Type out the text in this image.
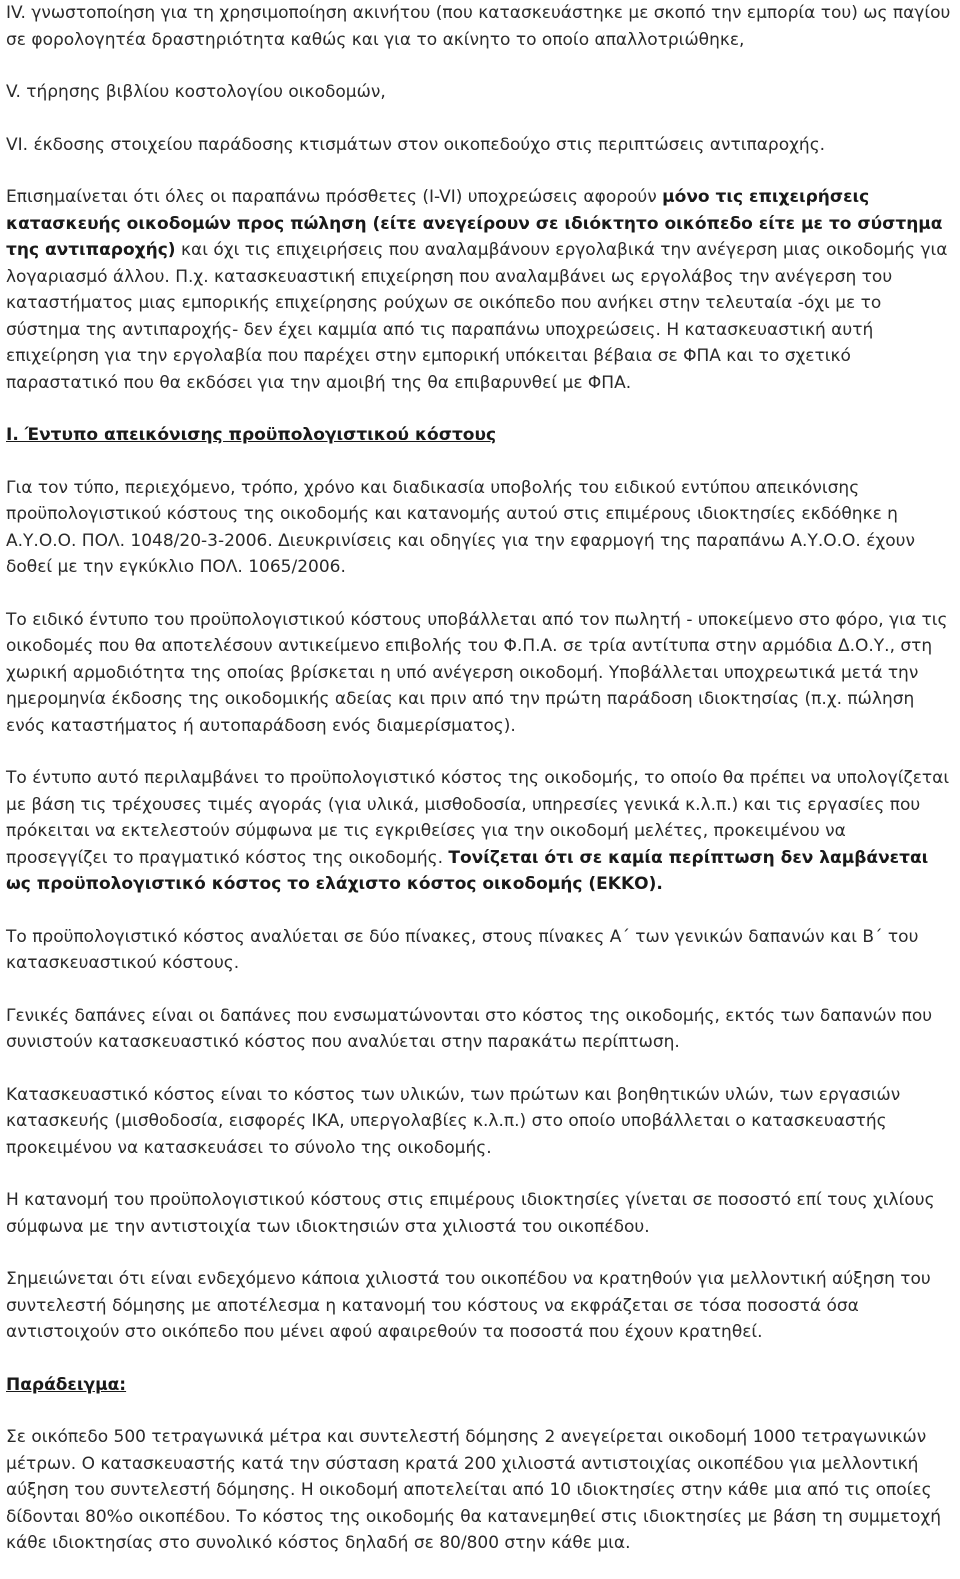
IV. γνωστοποίηση για τη χρησιμοποίηση ακινήτου (που κατασκευάστηκε με σκοπό την εμπορία του) ως παγίου σε φορολογητέα δραστηριότητα καθώς και για το ακίνητο το οποίο απαλλοτριώθηκε,

V. τήρησης βιβλίου κοστολογίου οικοδομών,

VI. έκδοσης στοιχείου παράδοσης κτισμάτων στον οικοπεδούχο στις περιπτώσεις αντιπαροχής.

Επισημαίνεται ότι όλες οι παραπάνω πρόσθετες (I-VI) υποχρεώσεις αφορούν μόνο τις επιχειρήσεις κατασκευής οικοδομών προς πώληση (είτε ανεγείρουν σε ιδιόκτητο οικόπεδο είτε με το σύστημα της αντιπαροχής) και όχι τις επιχειρήσεις που αναλαμβάνουν εργολαβικά την ανέγερση μιας οικοδομής για λογαριασμό άλλου. Π.χ. κατασκευαστική επιχείρηση που αναλαμβάνει ως εργολάβος την ανέγερση του καταστήματος μιας εμπορικής επιχείρησης ρούχων σε οικόπεδο που ανήκει στην τελευταία -όχι με το σύστημα της αντιπαροχής- δεν έχει καμμία από τις παραπάνω υποχρεώσεις. Η κατασκευαστική αυτή επιχείρηση για την εργολαβία που παρέχει στην εμπορική υπόκειται βέβαια σε ΦΠΑ και το σχετικό παραστατικό που θα εκδόσει για την αμοιβή της θα επιβαρυνθεί με ΦΠΑ.

I. Έντυπο απεικόνισης προϋπολογιστικού κόστους

Για τον τύπο, περιεχόμενο, τρόπο, χρόνο και διαδικασία υποβολής του ειδικού εντύπου απεικόνισης προϋπολογιστικού κόστους της οικοδομής και κατανομής αυτού στις επιμέρους ιδιοκτησίες εκδόθηκε η Α.Υ.Ο.Ο. ΠΟΛ. 1048/20-3-2006. Διευκρινίσεις και οδηγίες για την εφαρμογή της παραπάνω Α.Υ.Ο.Ο. έχουν δοθεί με την εγκύκλιο ΠΟΛ. 1065/2006.

Το ειδικό έντυπο του προϋπολογιστικού κόστους υποβάλλεται από τον πωλητή - υποκείμενο στο φόρο, για τις οικοδομές που θα αποτελέσουν αντικείμενο επιβολής του Φ.Π.Α. σε τρία αντίτυπα στην αρμόδια Δ.Ο.Υ., στη χωρική αρμοδιότητα της οποίας βρίσκεται η υπό ανέγερση οικοδομή. Υποβάλλεται υποχρεωτικά μετά την ημερομηνία έκδοσης της οικοδομικής αδείας και πριν από την πρώτη παράδοση ιδιοκτησίας (π.χ. πώληση ενός καταστήματος ή αυτοπαράδοση ενός διαμερίσματος).

Το έντυπο αυτό περιλαμβάνει το προϋπολογιστικό κόστος της οικοδομής, το οποίο θα πρέπει να υπολογίζεται με βάση τις τρέχουσες τιμές αγοράς (για υλικά, μισθοδοσία, υπηρεσίες γενικά κ.λ.π.) και τις εργασίες που πρόκειται να εκτελεστούν σύμφωνα με τις εγκριθείσες για την οικοδομή μελέτες, προκειμένου να προσεγγίζει το πραγματικό κόστος της οικοδομής. Τονίζεται ότι σε καμία περίπτωση δεν λαμβάνεται ως προϋπολογιστικό κόστος το ελάχιστο κόστος οικοδομής (ΕΚΚΟ).

Το προϋπολογιστικό κόστος αναλύεται σε δύο πίνακες, στους πίνακες Α΄ των γενικών δαπανών και Β΄ του κατασκευαστικού κόστους.

Γενικές δαπάνες είναι οι δαπάνες που ενσωματώνονται στο κόστος της οικοδομής, εκτός των δαπανών που συνιστούν κατασκευαστικό κόστος που αναλύεται στην παρακάτω περίπτωση.

Κατασκευαστικό κόστος είναι το κόστος των υλικών, των πρώτων και βοηθητικών υλών, των εργασιών κατασκευής (μισθοδοσία, εισφορές ΙΚΑ, υπεργολαβίες κ.λ.π.) στο οποίο υποβάλλεται ο κατασκευαστής προκειμένου να κατασκευάσει το σύνολο της οικοδομής.

Η κατανομή του προϋπολογιστικού κόστους στις επιμέρους ιδιοκτησίες γίνεται σε ποσοστό επί τους χιλίους σύμφωνα με την αντιστοιχία των ιδιοκτησιών στα χιλιοστά του οικοπέδου.

Σημειώνεται ότι είναι ενδεχόμενο κάποια χιλιοστά του οικοπέδου να κρατηθούν για μελλοντική αύξηση του συντελεστή δόμησης με αποτέλεσμα η κατανομή του κόστους να εκφράζεται σε τόσα ποσοστά όσα αντιστοιχούν στο οικόπεδο που μένει αφού αφαιρεθούν τα ποσοστά που έχουν κρατηθεί.

Παράδειγμα:

Σε οικόπεδο 500 τετραγωνικά μέτρα και συντελεστή δόμησης 2 ανεγείρεται οικοδομή 1000 τετραγωνικών μέτρων. Ο κατασκευαστής κατά την σύσταση κρατά 200 χιλιοστά αντιστοιχίας οικοπέδου για μελλοντική αύξηση του συντελεστή δόμησης. Η οικοδομή αποτελείται από 10 ιδιοκτησίες στην κάθε μια από τις οποίες δίδονται 80%ο οικοπέδου. Το κόστος της οικοδομής θα κατανεμηθεί στις ιδιοκτησίες με βάση τη συμμετοχή κάθε ιδιοκτησίας στο συνολικό κόστος δηλαδή σε 80/800 στην κάθε μια.
